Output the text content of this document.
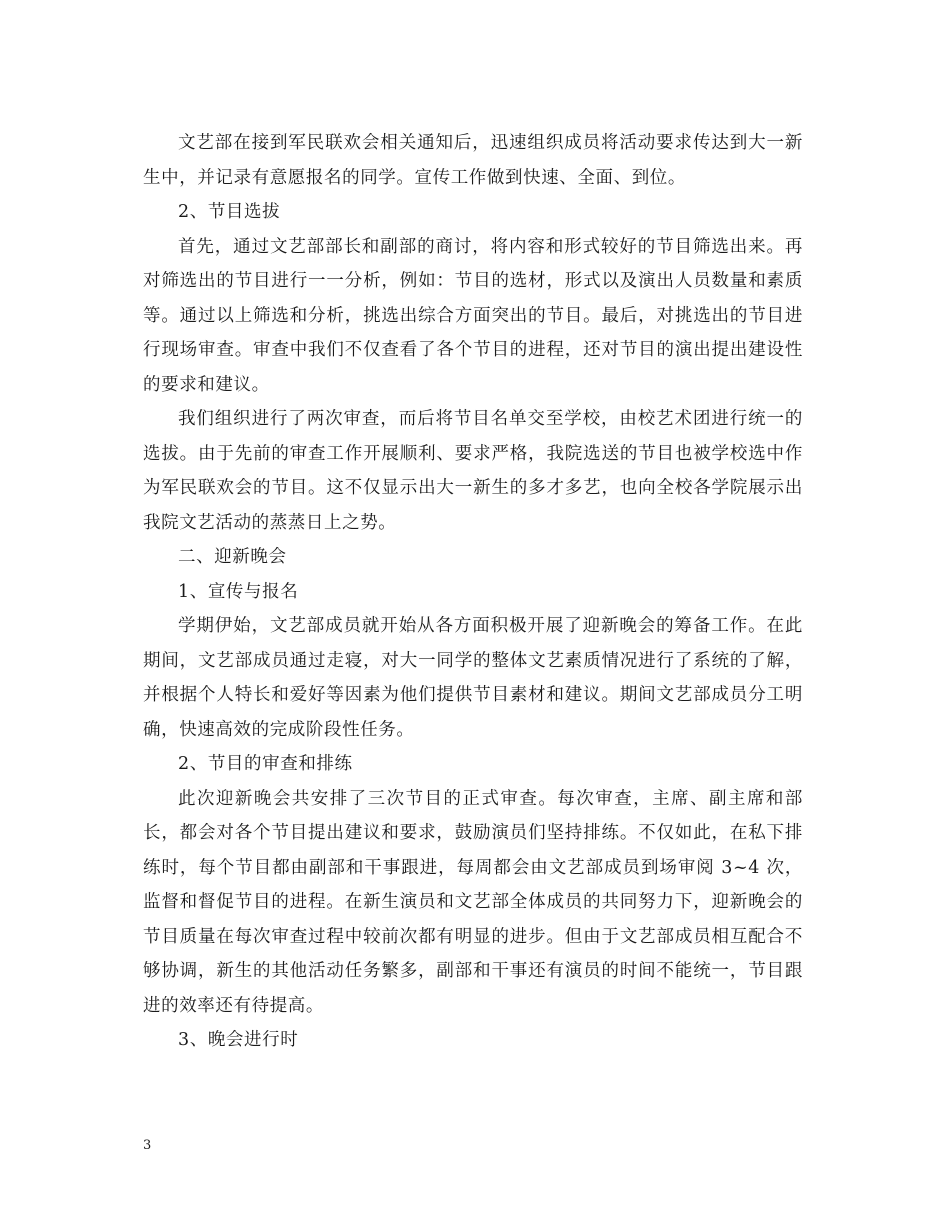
文艺部在接到军民联欢会相关通知后，迅速组织成员将活动要求传达到大一新生中，并记录有意愿报名的同学。宣传工作做到快速、全面、到位。

2、节目选拔

首先，通过文艺部部长和副部的商讨，将内容和形式较好的节目筛选出来。再对筛选出的节目进行一一分析，例如：节目的选材，形式以及演出人员数量和素质等。通过以上筛选和分析，挑选出综合方面突出的节目。最后，对挑选出的节目进行现场审查。审查中我们不仅查看了各个节目的进程，还对节目的演出提出建设性的要求和建议。

我们组织进行了两次审查，而后将节目名单交至学校，由校艺术团进行统一的选拔。由于先前的审查工作开展顺利、要求严格，我院选送的节目也被学校选中作为军民联欢会的节目。这不仅显示出大一新生的多才多艺，也向全校各学院展示出我院文艺活动的蒸蒸日上之势。

二、迎新晚会

1、宣传与报名

学期伊始，文艺部成员就开始从各方面积极开展了迎新晚会的筹备工作。在此期间，文艺部成员通过走寝，对大一同学的整体文艺素质情况进行了系统的了解，并根据个人特长和爱好等因素为他们提供节目素材和建议。期间文艺部成员分工明确，快速高效的完成阶段性任务。

2、节目的审查和排练

此次迎新晚会共安排了三次节目的正式审查。每次审查，主席、副主席和部长，都会对各个节目提出建议和要求，鼓励演员们坚持排练。不仅如此，在私下排练时，每个节目都由副部和干事跟进，每周都会由文艺部成员到场审阅 3~4 次，监督和督促节目的进程。在新生演员和文艺部全体成员的共同努力下，迎新晚会的节目质量在每次审查过程中较前次都有明显的进步。但由于文艺部成员相互配合不够协调，新生的其他活动任务繁多，副部和干事还有演员的时间不能统一，节目跟进的效率还有待提高。

3、晚会进行时

3
